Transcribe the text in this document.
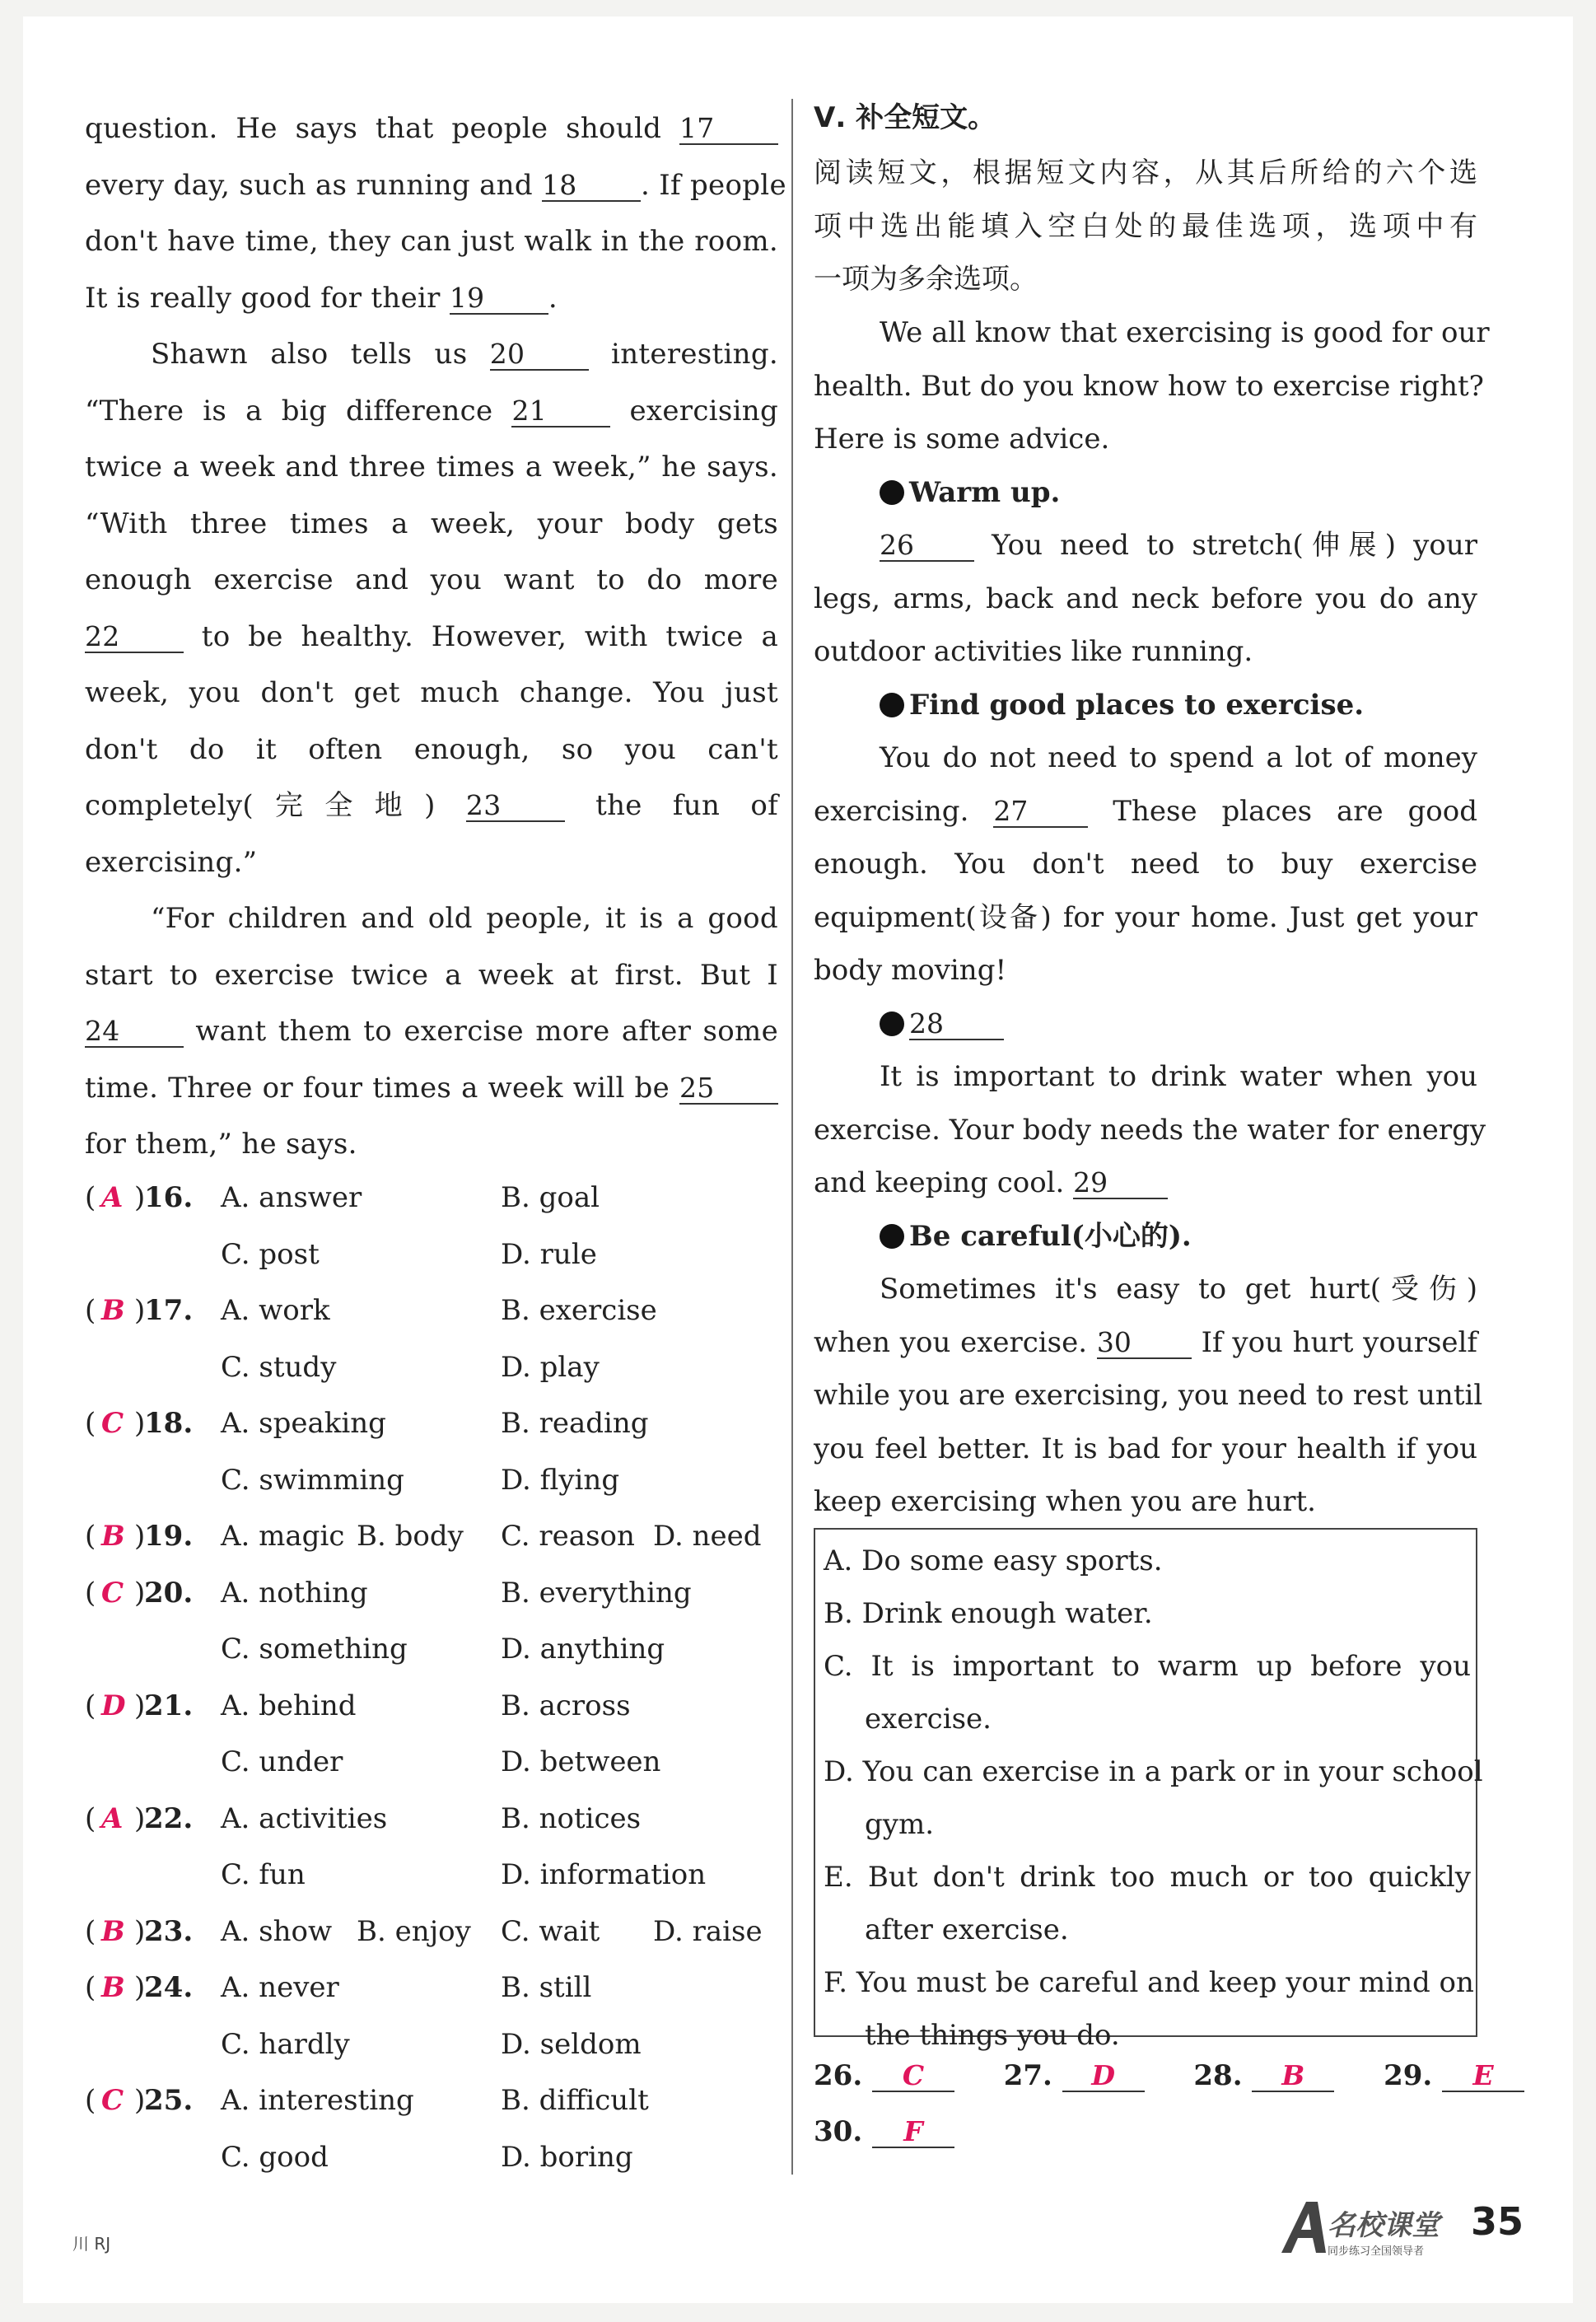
question. He says that people should 17
every day, such as running and 18 . If people
don't have time, they can just walk in the room.
It is really good for their 19 .
Shawn also tells us 20	interesting.
“There is a big difference 21	exercising
twice a week and three times a week,” he says.
“With three times a week, your body gets
enough exercise and you want to do more
22	to be healthy. However, with twice a
week, you don't get much change. You just
don't do it often enough, so you can't
completely(完全地) 23	the fun of
exercising.”
“For children and old people, it is a good
start to exercise twice a week at first. But I
24	want them to exercise more after some
time. Three or four times a week will be 25
for them,” he says.
( A )
16. A. answer	B. goal
C. post	D. rule
( B )
17. A. work	B. exercise
C. study	D. play
( C )
18. A. speaking	B. reading
C. swimming	D. flying
( B )
19. A. magic B. body C. reason D. need
( C )
20. A. nothing	B. everything
C. something	D. anything
( D )
21. A. behind	B. across
C. under	D. between
( A )
22. A. activities	B. notices
C. fun	D. information
( B )
23. A. show B. enjoy C. wait D. raise
( B )
24. A. never	B. still
C. hardly	D. seldom
( C )
25. A. interesting	B. difficult
C. good	D. boring
Ⅴ. 补全短文。
阅读短文，根据短文内容，从其后所给的六个选
项中选出能填入空白处的最佳选项，选项中有
一项为多余选项。
We all know that exercising is good for our
health. But do you know how to exercise right?
Here is some advice.
Warm up.
26	You need to stretch(伸展) your
legs, arms, back and neck before you do any
outdoor activities like running.
Find good places to exercise.
You do not need to spend a lot of money
exercising. 27	These places are good
enough. You don't need to buy exercise
equipment(设备) for your home. Just get your
body moving!
28
It is important to drink water when you
exercise. Your body needs the water for energy
and keeping cool. 29
Be careful(小心的).
Sometimes it's easy to get hurt(受伤)
when you exercise. 30 If you hurt yourself
while you are exercising, you need to rest until
you feel better. It is bad for your health if you
keep exercising when you are hurt.
A. Do some easy sports.
B. Drink enough water.
C. It is important to warm up before you
exercise.
D. You can exercise in a park or in your school
gym.
E. But don't drink too much or too quickly
after exercise.
F. You must be careful and keep your mind on
the things you do.
26. C	27. D	28. B	29. E
30. F
川 RJ
名校课堂
同步练习全国领导者
35
